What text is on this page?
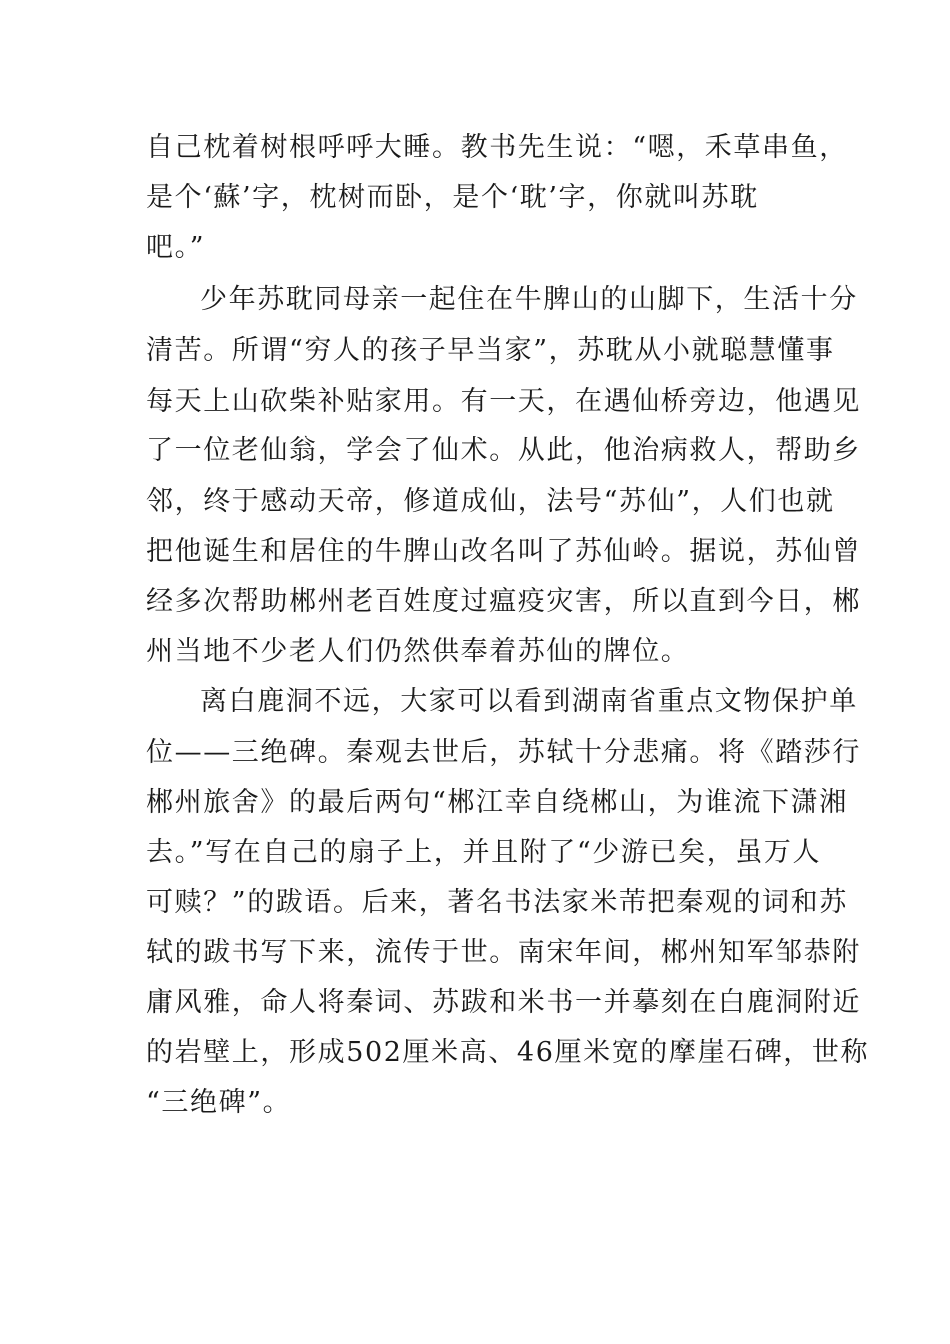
自己枕着树根呼呼大睡。教书先生说：“嗯，禾草串鱼，
是个‘蘇’字，枕树而卧，是个‘耽’字，你就叫苏耽
吧。”
少年苏耽同母亲一起住在牛脾山的山脚下，生活十分
清苦。所谓“穷人的孩子早当家”，苏耽从小就聪慧懂事
每天上山砍柴补贴家用。有一天，在遇仙桥旁边，他遇见
了一位老仙翁，学会了仙术。从此，他治病救人，帮助乡
邻，终于感动天帝，修道成仙，法号“苏仙”，人们也就
把他诞生和居住的牛脾山改名叫了苏仙岭。据说，苏仙曾
经多次帮助郴州老百姓度过瘟疫灾害，所以直到今日，郴
州当地不少老人们仍然供奉着苏仙的牌位。
离白鹿洞不远，大家可以看到湖南省重点文物保护单
位——三绝碑。秦观去世后，苏轼十分悲痛。将《踏莎行
郴州旅舍》的最后两句“郴江幸自绕郴山，为谁流下潇湘
去。”写在自己的扇子上，并且附了“少游已矣，虽万人
可赎？”的跋语。后来，著名书法家米芾把秦观的词和苏
轼的跋书写下来，流传于世。南宋年间，郴州知军邹恭附
庸风雅，命人将秦词、苏跋和米书一并摹刻在白鹿洞附近
的岩壁上，形成502厘米高、46厘米宽的摩崖石碑，世称
“三绝碑”。
